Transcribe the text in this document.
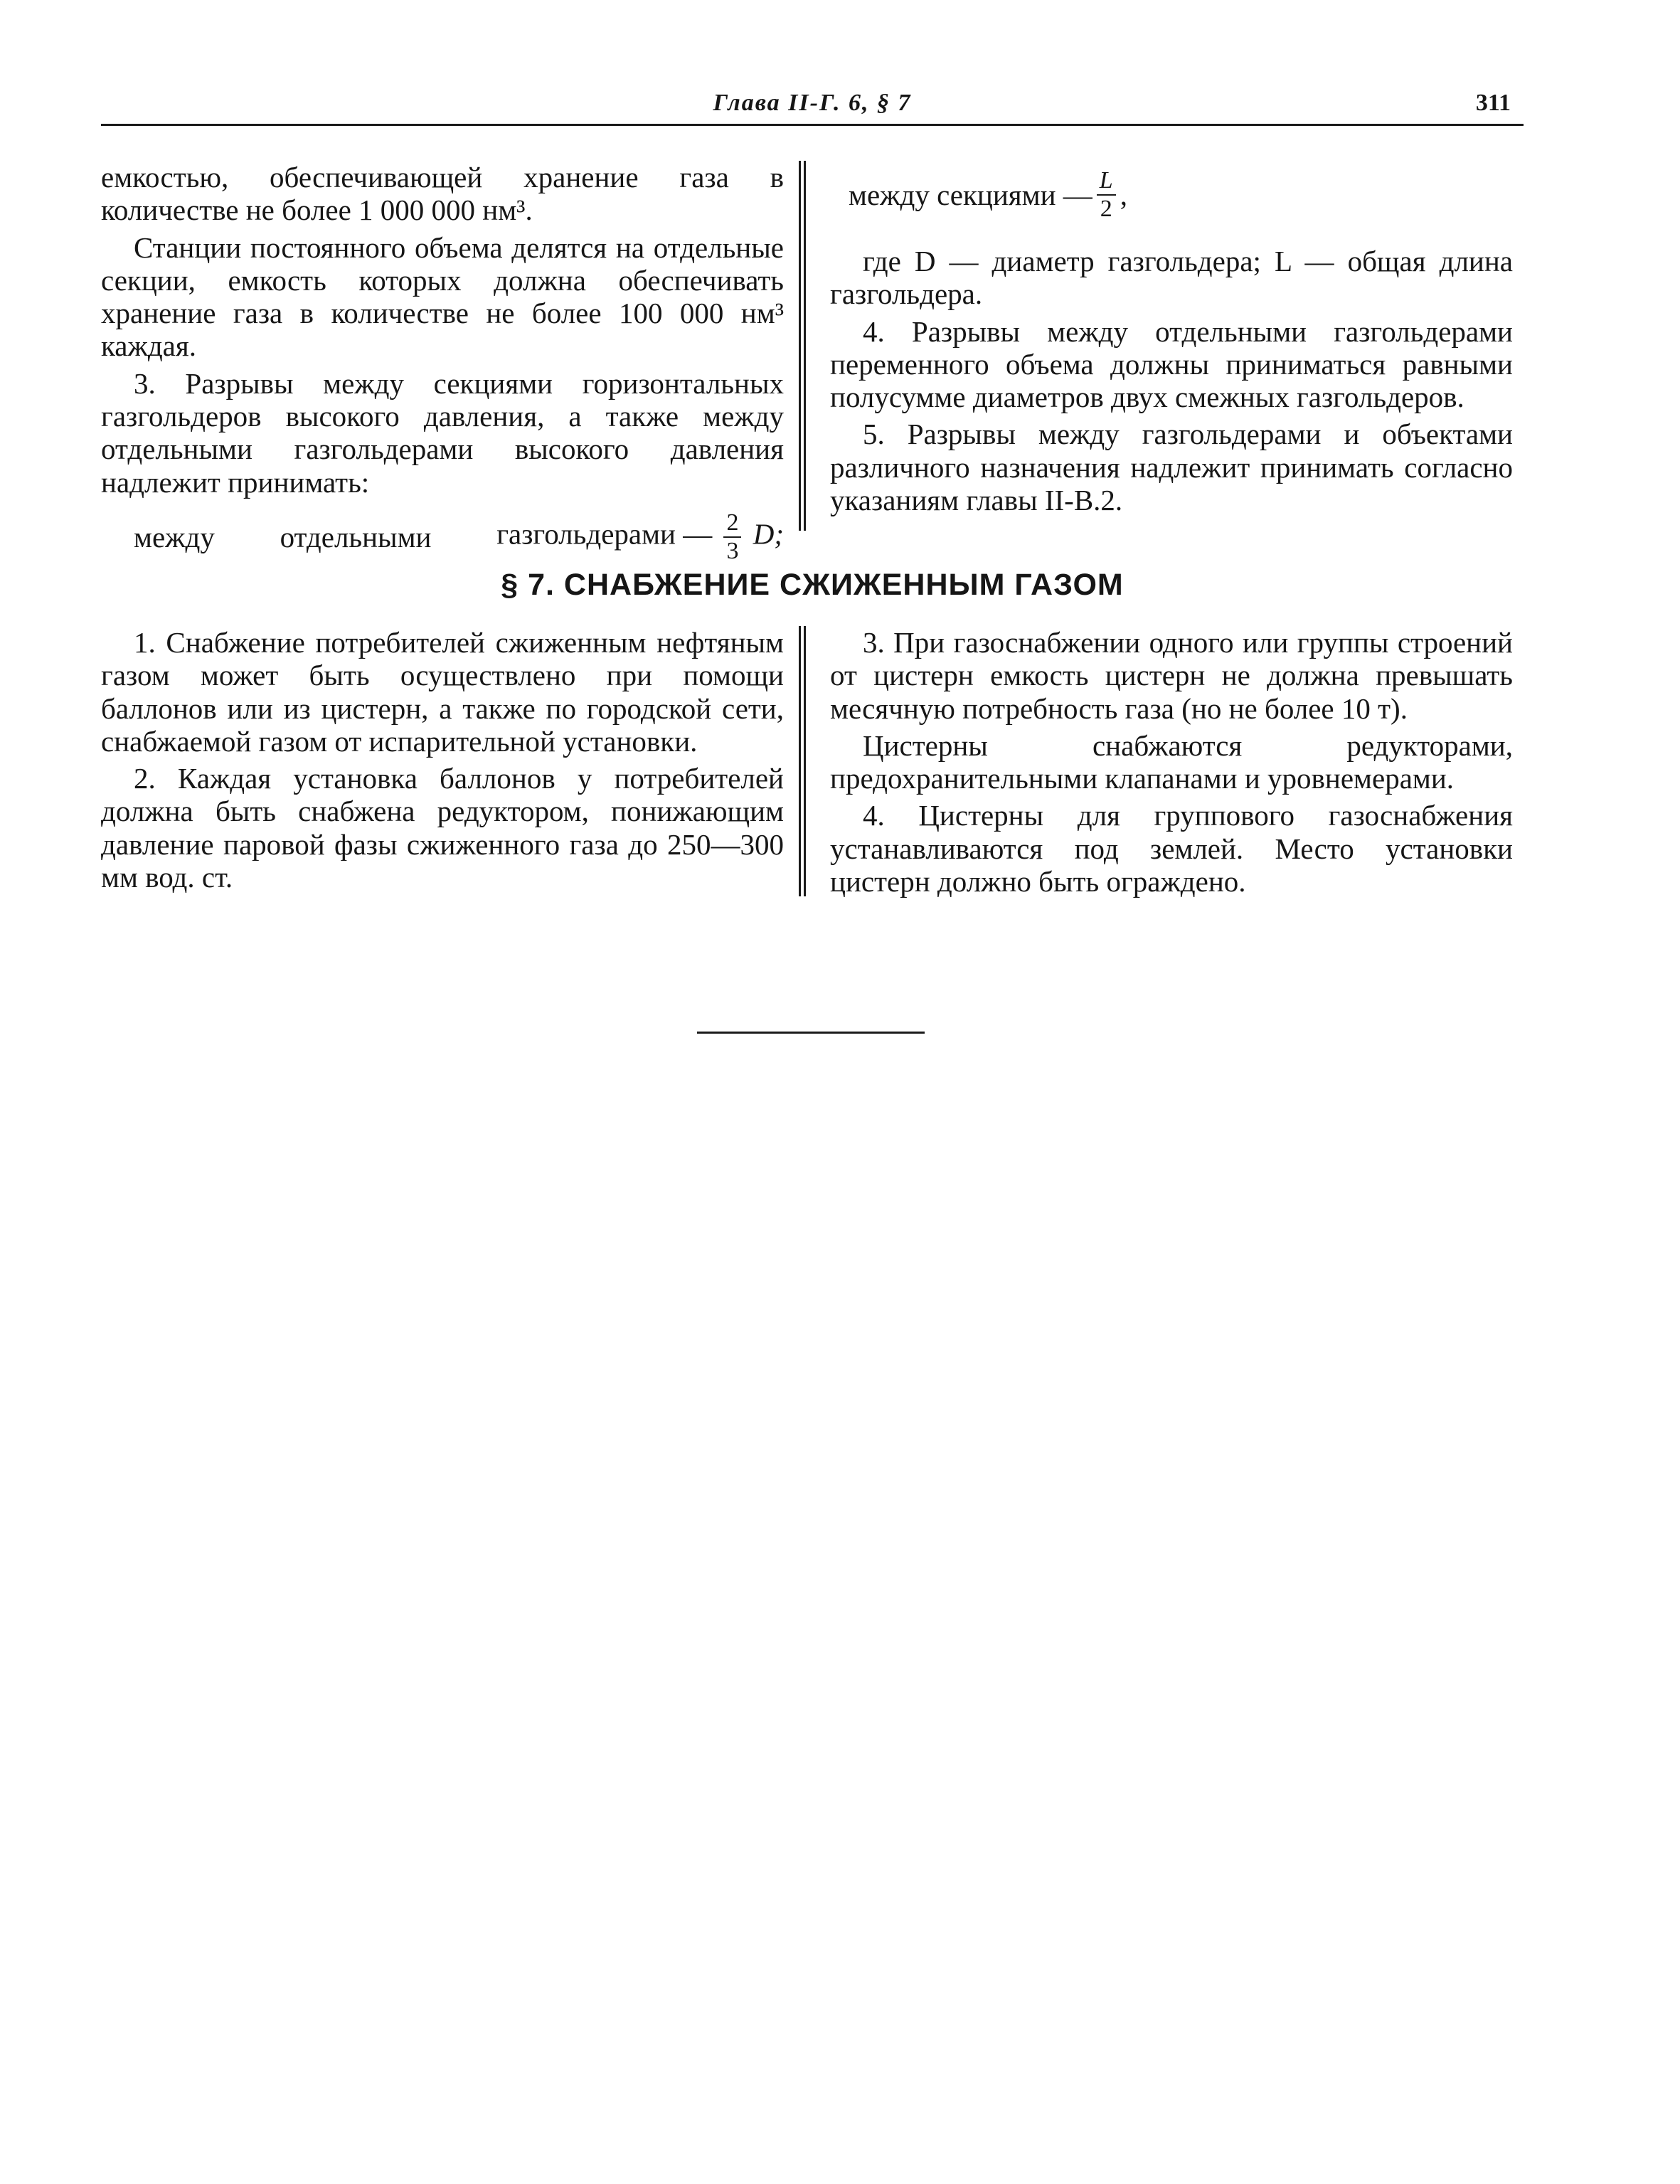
Глава II-Г. 6, § 7	311

емкостью, обеспечивающей хранение газа в количестве не более 1 000 000 нм³.

Станции постоянного объема делятся на отдельные секции, емкость которых должна обеспечивать хранение газа в количестве не более 100 000 нм³ каждая.

3. Разрывы между секциями горизонтальных газгольдеров высокого давления, а также между отдельными газгольдерами высокого давления надлежит принимать:

между отдельными газгольдерами — $\frac{2}{3} D$;
между секциями — $\frac{L}{2}$ ,

где D — диаметр газгольдера; L — общая длина газгольдера.

4. Разрывы между отдельными газгольдерами переменного объема должны приниматься равными полусумме диаметров двух смежных газгольдеров.

5. Разрывы между газгольдерами и объектами различного назначения надлежит принимать согласно указаниям главы II-В.2.

§ 7. СНАБЖЕНИЕ СЖИЖЕННЫМ ГАЗОМ

1. Снабжение потребителей сжиженным нефтяным газом может быть осуществлено при помощи баллонов или из цистерн, а также по городской сети, снабжаемой газом от испарительной установки.

2. Каждая установка баллонов у потребителей должна быть снабжена редуктором, понижающим давление паровой фазы сжиженного газа до 250—300 мм вод. ст.

3. При газоснабжении одного или группы строений от цистерн емкость цистерн не должна превышать месячную потребность газа (но не более 10 т).

Цистерны снабжаются редукторами, предохранительными клапанами и уровнемерами.

4. Цистерны для группового газоснабжения устанавливаются под землей. Место установки цистерн должно быть ограждено.
